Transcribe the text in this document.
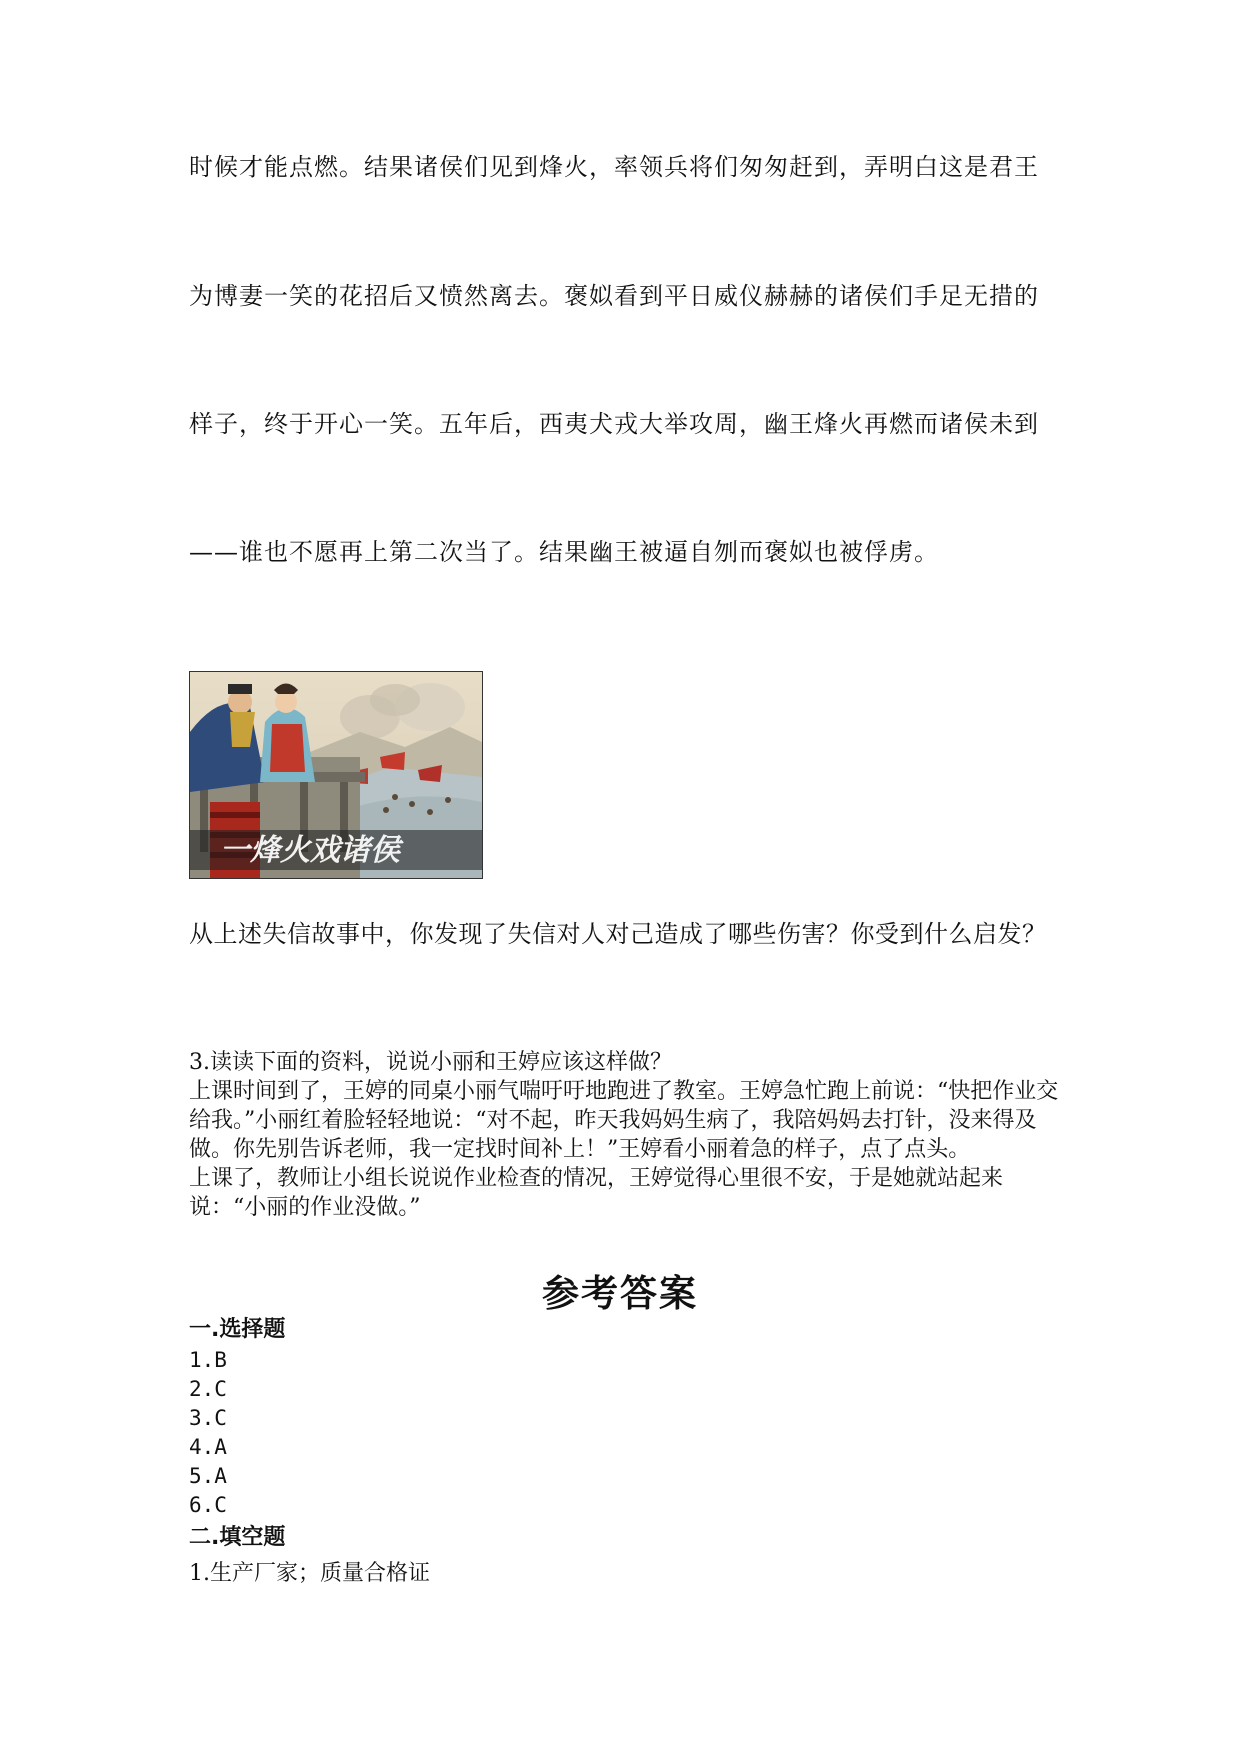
时候才能点燃。结果诸侯们见到烽火，率领兵将们匆匆赶到，弄明白这是君王
为博妻一笑的花招后又愤然离去。褒姒看到平日威仪赫赫的诸侯们手足无措的
样子，终于开心一笑。五年后，西夷犬戎大举攻周，幽王烽火再燃而诸侯未到
——谁也不愿再上第二次当了。结果幽王被逼自刎而褒姒也被俘虏。
一烽火戏诸侯
从上述失信故事中，你发现了失信对人对己造成了哪些伤害？你受到什么启发？

3.读读下面的资料，说说小丽和王婷应该这样做？

上课时间到了，王婷的同桌小丽气喘吁吁地跑进了教室。王婷急忙跑上前说：“快把作业交给我。”小丽红着脸轻轻地说：“对不起，昨天我妈妈生病了，我陪妈妈去打针，没来得及做。你先别告诉老师，我一定找时间补上！”王婷看小丽着急的样子，点了点头。

上课了，教师让小组长说说作业检查的情况，王婷觉得心里很不安，于是她就站起来说：“小丽的作业没做。”

参考答案
一.选择题
1.B
2.C
3.C
4.A
5.A
6.C
二.填空题
1.生产厂家；质量合格证
